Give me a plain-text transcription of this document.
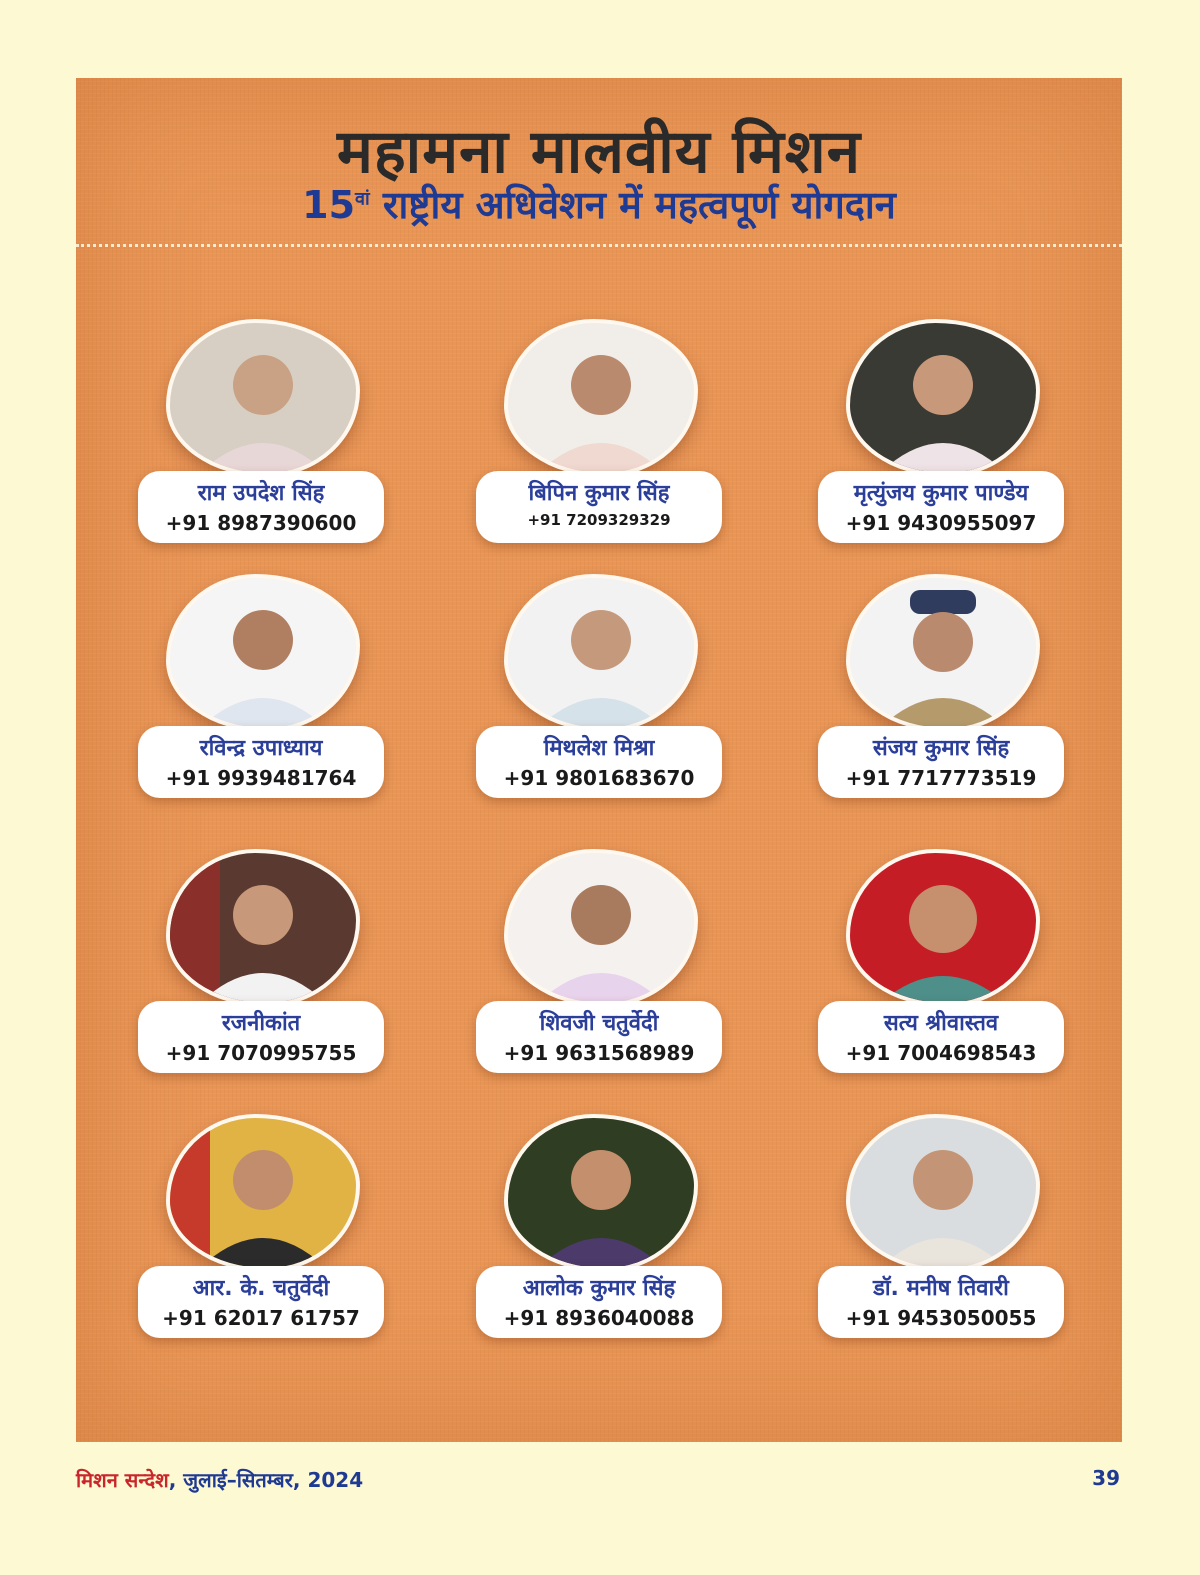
महामना मालवीय मिशन
$15^{वां}$ राष्ट्रीय अधिवेशन में महत्वपूर्ण योगदान
राम उपदेश सिंह
+91 8987390600
बिपिन कुमार सिंह
+91 7209329329
मृत्युंजय कुमार पाण्डेय
+91 9430955097
रविन्द्र उपाध्याय
+91 9939481764
मिथलेश मिश्रा
+91 9801683670
संजय कुमार सिंह
+91 7717773519
रजनीकांत
+91 7070995755
शिवजी चतुर्वेदी
+91 9631568989
सत्य श्रीवास्तव
+91 7004698543
आर. के. चतुर्वेदी
+91 62017 61757
आलोक कुमार सिंह
+91 8936040088
डॉ. मनीष तिवारी
+91 9453050055
मिशन सन्देश, जुलाई–सितम्बर, 2024	39
